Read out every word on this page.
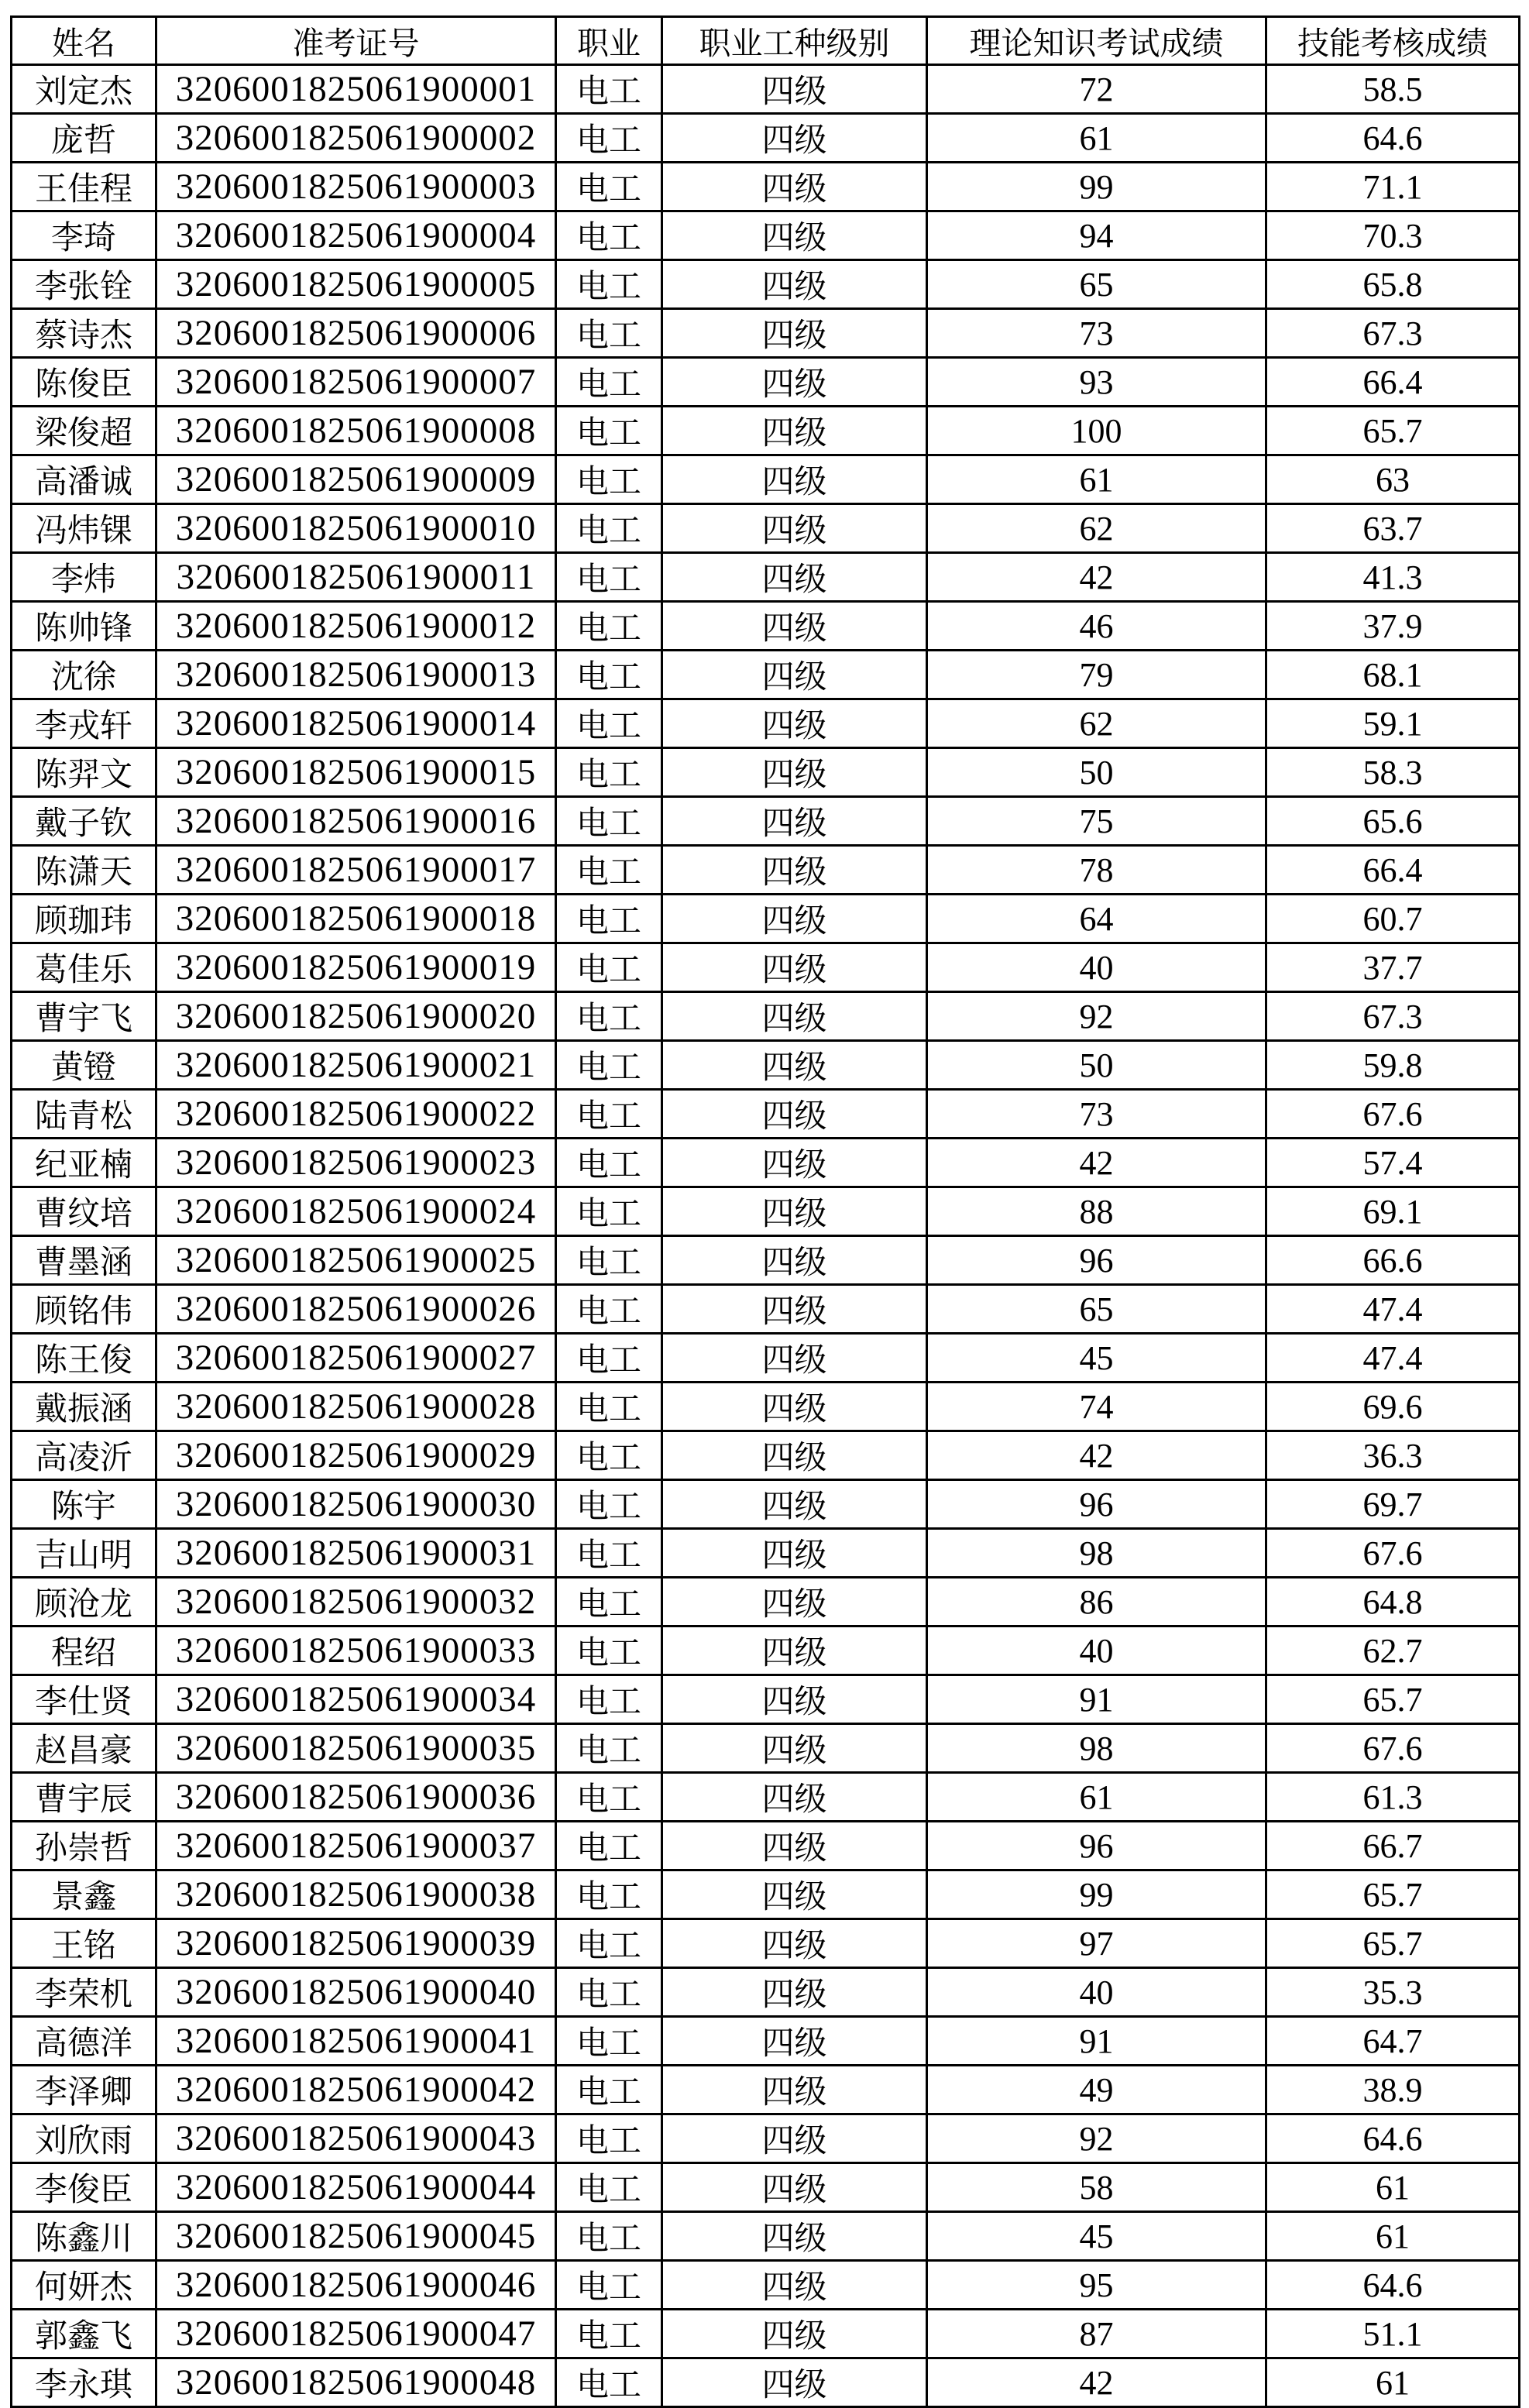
姓名	准考证号	职业	职业工种级别	理论知识考试成绩	技能考核成绩
刘定杰	3206001825061900001	电工	四级	72	58.5
庞哲	3206001825061900002	电工	四级	61	64.6
王佳程	3206001825061900003	电工	四级	99	71.1
李琦	3206001825061900004	电工	四级	94	70.3
李张铨	3206001825061900005	电工	四级	65	65.8
蔡诗杰	3206001825061900006	电工	四级	73	67.3
陈俊臣	3206001825061900007	电工	四级	93	66.4
梁俊超	3206001825061900008	电工	四级	100	65.7
高潘诚	3206001825061900009	电工	四级	61	63
冯炜锞	3206001825061900010	电工	四级	62	63.7
李炜	3206001825061900011	电工	四级	42	41.3
陈帅锋	3206001825061900012	电工	四级	46	37.9
沈徐	3206001825061900013	电工	四级	79	68.1
李戎轩	3206001825061900014	电工	四级	62	59.1
陈羿文	3206001825061900015	电工	四级	50	58.3
戴子钦	3206001825061900016	电工	四级	75	65.6
陈潇天	3206001825061900017	电工	四级	78	66.4
顾珈玮	3206001825061900018	电工	四级	64	60.7
葛佳乐	3206001825061900019	电工	四级	40	37.7
曹宇飞	3206001825061900020	电工	四级	92	67.3
黄镫	3206001825061900021	电工	四级	50	59.8
陆青松	3206001825061900022	电工	四级	73	67.6
纪亚楠	3206001825061900023	电工	四级	42	57.4
曹纹培	3206001825061900024	电工	四级	88	69.1
曹墨涵	3206001825061900025	电工	四级	96	66.6
顾铭伟	3206001825061900026	电工	四级	65	47.4
陈王俊	3206001825061900027	电工	四级	45	47.4
戴振涵	3206001825061900028	电工	四级	74	69.6
高凌沂	3206001825061900029	电工	四级	42	36.3
陈宇	3206001825061900030	电工	四级	96	69.7
吉山明	3206001825061900031	电工	四级	98	67.6
顾沧龙	3206001825061900032	电工	四级	86	64.8
程绍	3206001825061900033	电工	四级	40	62.7
李仕贤	3206001825061900034	电工	四级	91	65.7
赵昌豪	3206001825061900035	电工	四级	98	67.6
曹宇辰	3206001825061900036	电工	四级	61	61.3
孙崇哲	3206001825061900037	电工	四级	96	66.7
景鑫	3206001825061900038	电工	四级	99	65.7
王铭	3206001825061900039	电工	四级	97	65.7
李荣机	3206001825061900040	电工	四级	40	35.3
高德洋	3206001825061900041	电工	四级	91	64.7
李泽卿	3206001825061900042	电工	四级	49	38.9
刘欣雨	3206001825061900043	电工	四级	92	64.6
李俊臣	3206001825061900044	电工	四级	58	61
陈鑫川	3206001825061900045	电工	四级	45	61
何妍杰	3206001825061900046	电工	四级	95	64.6
郭鑫飞	3206001825061900047	电工	四级	87	51.1
李永琪	3206001825061900048	电工	四级	42	61
